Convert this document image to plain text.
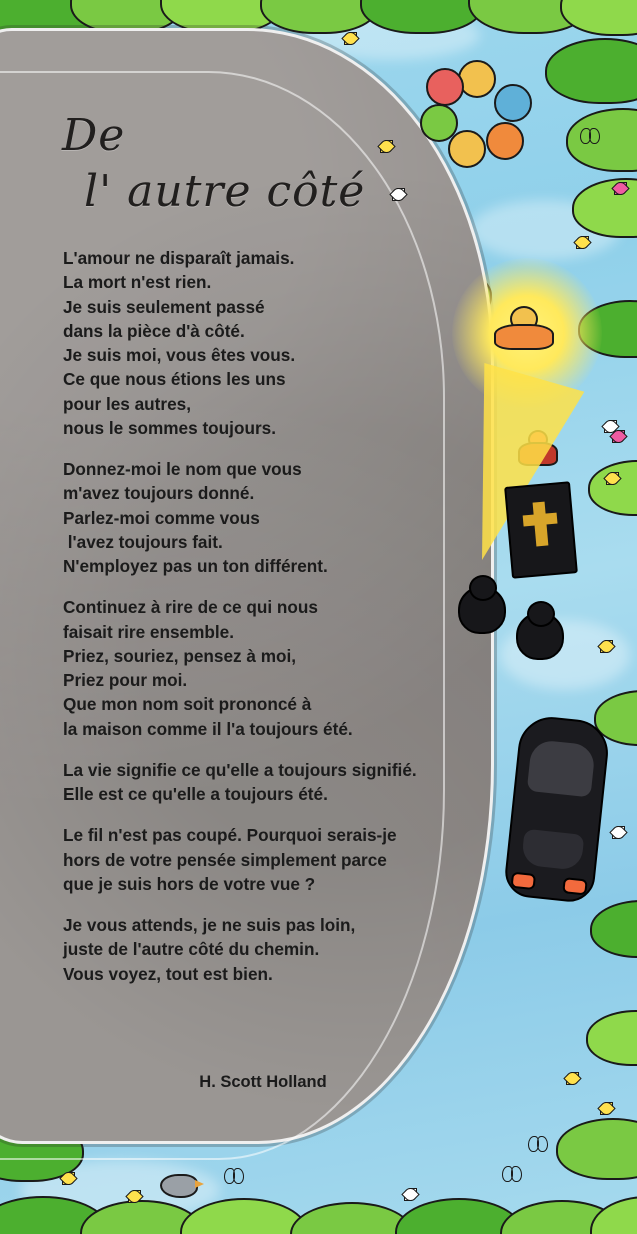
De
l' autre côté

L'amour ne disparaît jamais.
La mort n'est rien.
Je suis seulement passé
dans la pièce d'à côté.
Je suis moi, vous êtes vous.
Ce que nous étions les uns
pour les autres,
nous le sommes toujours.

Donnez-moi le nom que vous
m'avez toujours donné.
Parlez-moi comme vous
l'avez toujours fait.
N'employez pas un ton différent.

Continuez à rire de ce qui nous
faisait rire ensemble.
Priez, souriez, pensez à moi,
Priez pour moi.
Que mon nom soit prononcé à
la maison comme il l'a toujours été.

La vie signifie ce qu'elle a toujours signifié.
Elle est ce qu'elle a toujours été.

Le fil n'est pas coupé. Pourquoi serais-je
hors de votre pensée simplement parce
que je suis hors de votre vue ?

Je vous attends, je ne suis pas loin,
juste de l'autre côté du chemin.
Vous voyez, tout est bien.

H. Scott Holland
